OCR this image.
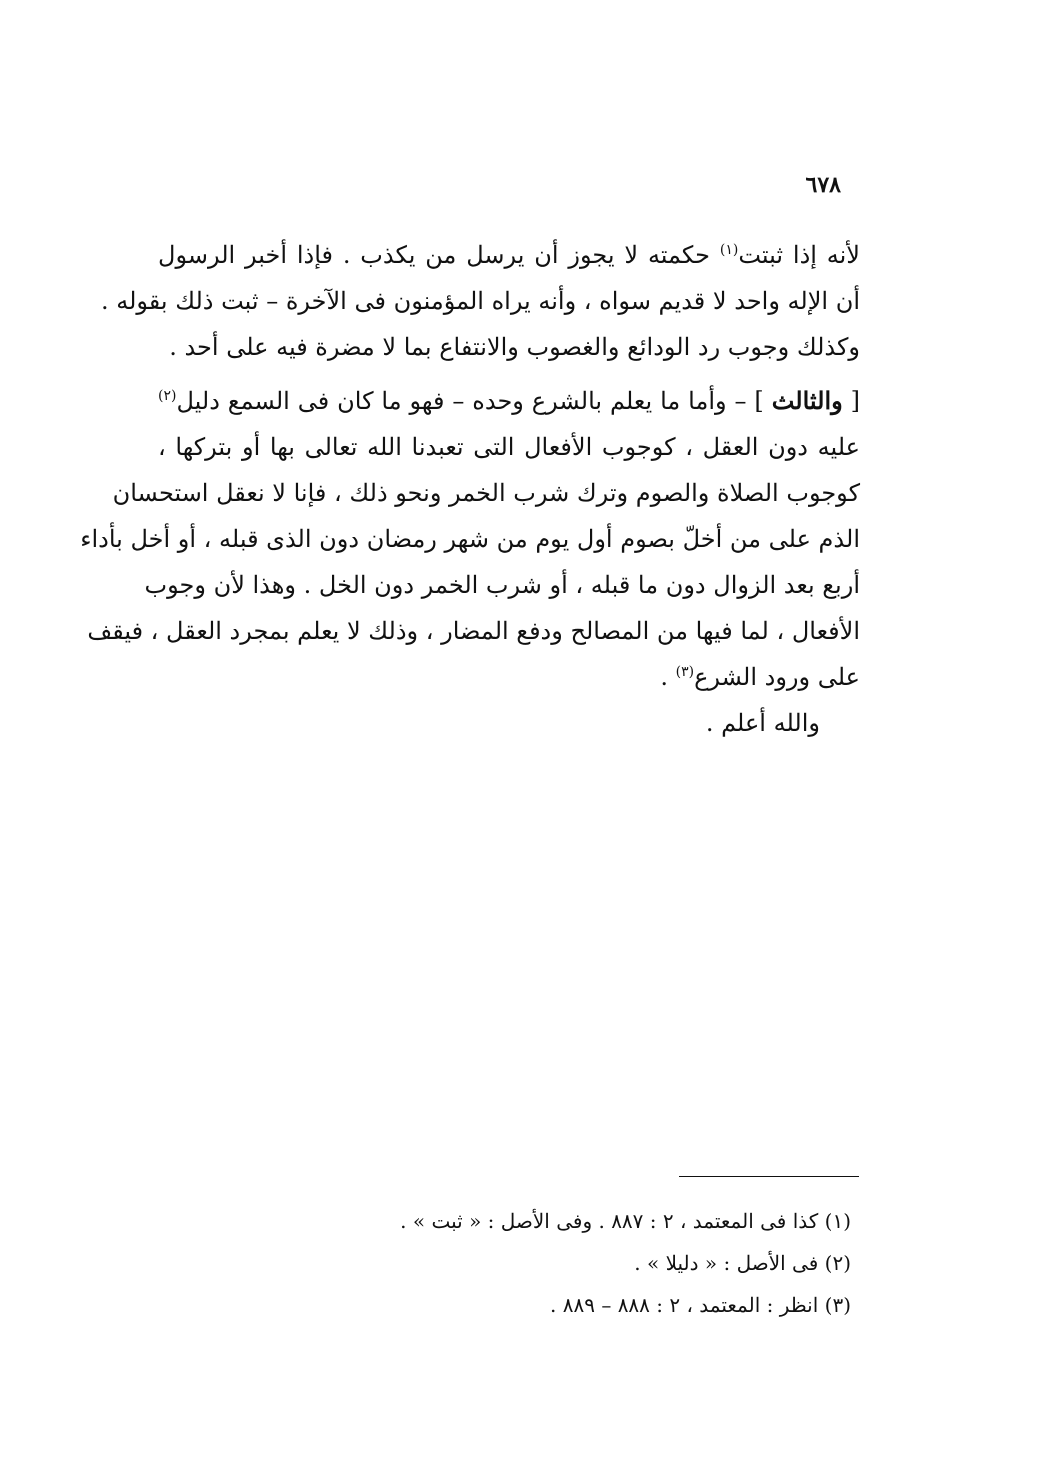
٦٧٨
لأنه إذا ثبتت$^{(١)}$ حكمته لا يجوز أن يرسل من يكذب . فإذا أخبر الرسول
أن الإله واحد لا قديم سواه ، وأنه يراه المؤمنون فى الآخرة – ثبت ذلك بقوله .
وكذلك وجوب رد الودائع والغصوب والانتفاع بما لا مضرة فيه على أحد .
[ والثالث ] – وأما ما يعلم بالشرع وحده – فهو ما كان فى السمع دليل$^{(٢)}$
عليه دون العقل ، كوجوب الأفعال التى تعبدنا الله تعالى بها أو بتركها ،
كوجوب الصلاة والصوم وترك شرب الخمر ونحو ذلك ، فإنا لا نعقل استحسان
الذم على من أخلّ بصوم أول يوم من شهر رمضان دون الذى قبله ، أو أخل بأداء
أربع بعد الزوال دون ما قبله ، أو شرب الخمر دون الخل . وهذا لأن وجوب
الأفعال ، لما فيها من المصالح ودفع المضار ، وذلك لا يعلم بمجرد العقل ، فيقف
على ورود الشرع$^{(٣)}$ .
والله أعلم .
(١) كذا فى المعتمد ، ٢ : ٨٨٧ . وفى الأصل : « ثبت » .
(٢) فى الأصل : « دليلا » .
(٣) انظر : المعتمد ، ٢ : ٨٨٨ – ٨٨٩ .
